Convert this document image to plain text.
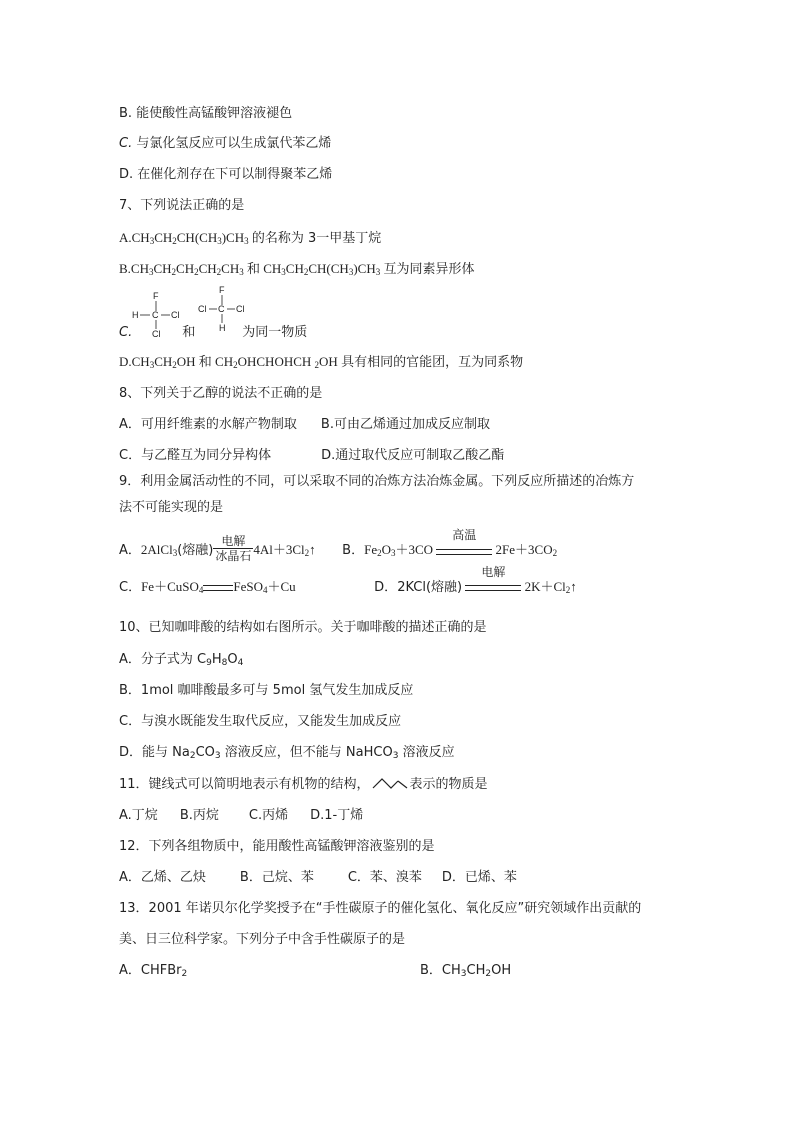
B. 能使酸性高锰酸钾溶液褪色
C. 与氯化氢反应可以生成氯代苯乙烯
D. 在催化剂存在下可以制得聚苯乙烯
7、下列说法正确的是
$A.CH_3CH_2CH(CH_3)CH_3$ 的名称为 3一甲基丁烷
$B.CH_3CH_2CH_2CH_2CH_3$ 和 $CH_3CH_2CH(CH_3)CH_3$ 互为同素异形体
F
H C Cl
Cl
F
Cl C Cl
H
C.	和	为同一物质
$D.CH_3CH_2OH$ 和 $CH_2OHCHOHCH$ $_2$OH 具有相同的官能团，互为同系物
8、下列关于乙醇的说法不正确的是
A．可用纤维素的水解产物制取 B.可由乙烯通过加成反应制取
C．与乙醛互为同分异构体	D.通过取代反应可制取乙酸乙酯
9．利用金属活动性的不同，可以采取不同的冶炼方法冶炼金属。下列反应所描述的冶炼方
法不可能实现的是
A．2AlCl$_3$(熔融) $\frac{\text{电解}}{\text{冰晶石}}$ $4Al+3Cl_2↑$ B．$Fe_2O_3+3CO$
高温
$2Fe+3CO_2$
C．Fe＋CuSO$_4$ FeSO$_4$＋Cu	D．2KCl(熔融)
电解
$2K+Cl_2↑$
10、已知咖啡酸的结构如右图所示。关于咖啡酸的描述正确的是
A．分子式为 $C_9H_8O_4$
B．1mol 咖啡酸最多可与 5mol 氢气发生加成反应
C．与溴水既能发生取代反应，又能发生加成反应
D．能与 $Na_2CO_3$ 溶液反应，但不能与 NaHCO$_3$ 溶液反应
11．键线式可以简明地表示有机物的结构，	表示的物质是
A.丁烷 B.丙烷 C.丙烯 D.1-丁烯
12．下列各组物质中，能用酸性高锰酸钾溶液鉴别的是
A．乙烯、乙炔	B．己烷、苯	C．苯、溴苯 D．已烯、苯
13．2001 年诺贝尔化学奖授予在“手性碳原子的催化氢化、氧化反应”研究领域作出贡献的
美、日三位科学家。下列分子中含手性碳原子的是
A．CHFBr$_2$	B．$CH_3CH_2OH$
